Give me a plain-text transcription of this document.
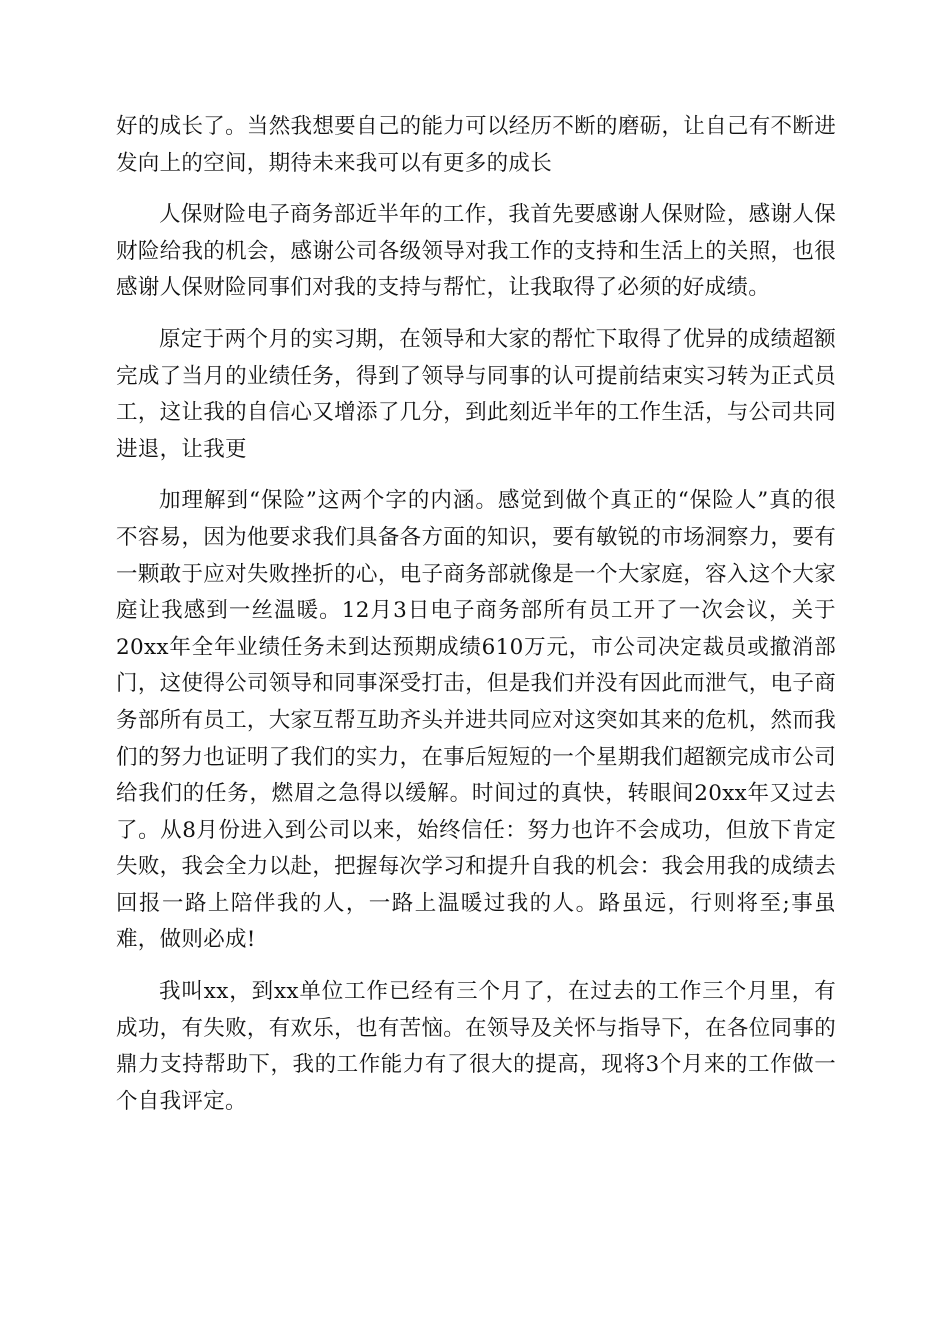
好的成长了。当然我想要自己的能力可以经历不断的磨砺，让自己有不断进发向上的空间，期待未来我可以有更多的成长

人保财险电子商务部近半年的工作，我首先要感谢人保财险，感谢人保财险给我的机会，感谢公司各级领导对我工作的支持和生活上的关照，也很感谢人保财险同事们对我的支持与帮忙，让我取得了必须的好成绩。

原定于两个月的实习期，在领导和大家的帮忙下取得了优异的成绩超额完成了当月的业绩任务，得到了领导与同事的认可提前结束实习转为正式员工，这让我的自信心又增添了几分，到此刻近半年的工作生活，与公司共同进退，让我更

加理解到“保险”这两个字的内涵。感觉到做个真正的“保险人”真的很不容易，因为他要求我们具备各方面的知识，要有敏锐的市场洞察力，要有一颗敢于应对失败挫折的心，电子商务部就像是一个大家庭，容入这个大家庭让我感到一丝温暖。12月3日电子商务部所有员工开了一次会议，关于20xx年全年业绩任务未到达预期成绩610万元，市公司决定裁员或撤消部门，这使得公司领导和同事深受打击，但是我们并没有因此而泄气，电子商务部所有员工，大家互帮互助齐头并进共同应对这突如其来的危机，然而我们的努力也证明了我们的实力，在事后短短的一个星期我们超额完成市公司给我们的任务，燃眉之急得以缓解。时间过的真快，转眼间20xx年又过去了。从8月份进入到公司以来，始终信任：努力也许不会成功，但放下肯定失败，我会全力以赴，把握每次学习和提升自我的机会：我会用我的成绩去回报一路上陪伴我的人，一路上温暖过我的人。路虽远，行则将至;事虽难，做则必成!

我叫xx，到xx单位工作已经有三个月了，在过去的工作三个月里，有成功，有失败，有欢乐，也有苦恼。在领导及关怀与指导下，在各位同事的鼎力支持帮助下，我的工作能力有了很大的提高，现将3个月来的工作做一个自我评定。
